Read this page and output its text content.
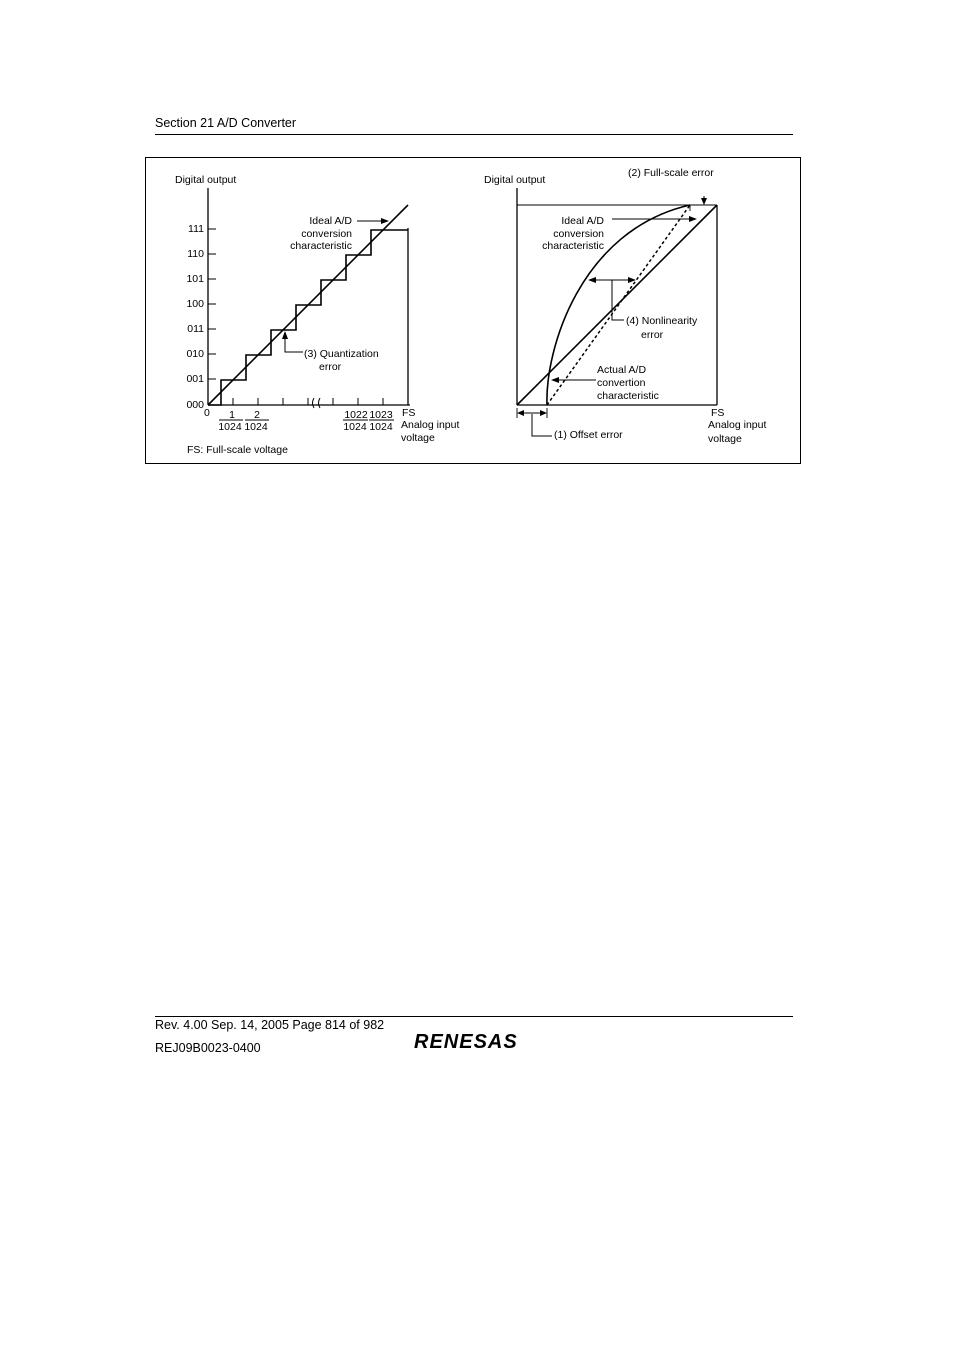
Section 21 A/D Converter
Digital output
111
110
101
100
011
010
001
000
0 1
1024
2
1024
1022
1024
1023
1024
FS
Analog input
voltage
Ideal A/D
conversion
characteristic
(3) Quantization
error
FS: Full-scale voltage
Digital output
(2) Full-scale error
Ideal A/D
conversion
characteristic
(4) Nonlinearity
error
Actual A/D
convertion
characteristic
(1) Offset error
FS
Analog input
voltage
Rev. 4.00 Sep. 14, 2005 Page 814 of 982
REJ09B0023-0400	RENESAS
